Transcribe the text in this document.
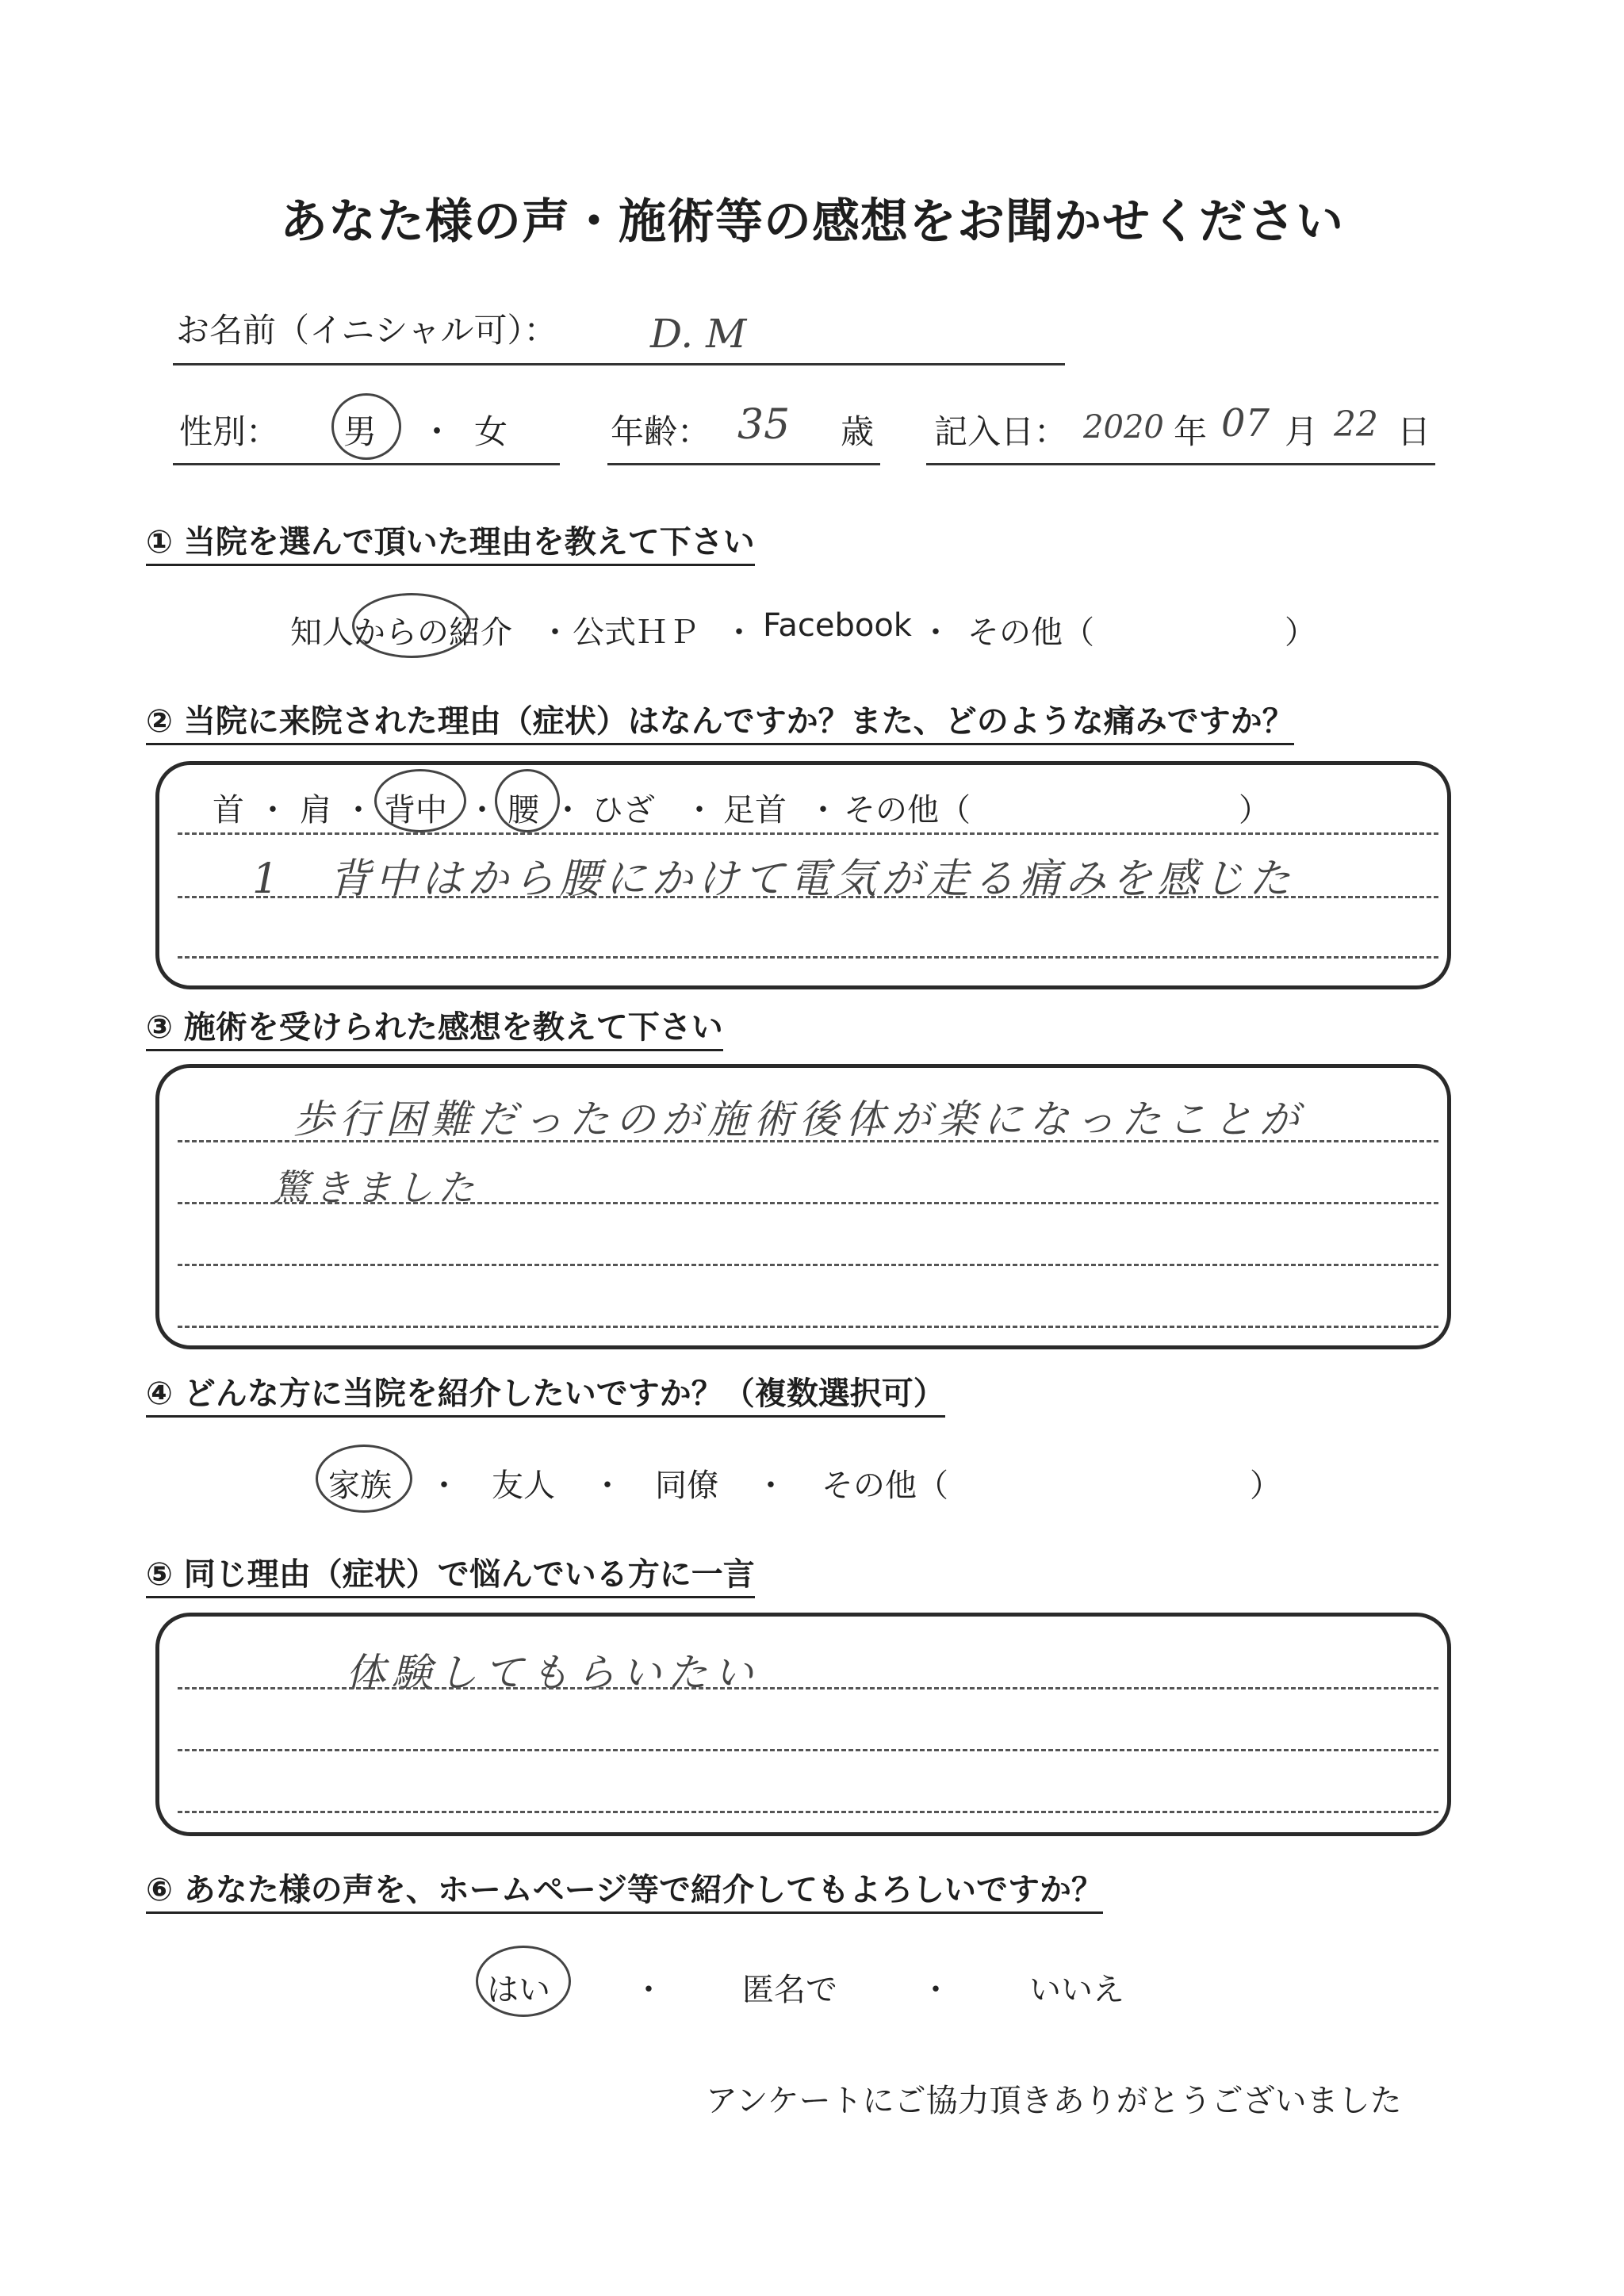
あなた様の声・施術等の感想をお聞かせください
お名前（イニシャル可）： D. M
性別： 男 ・ 女	年齢： 35 歳 記入日： 2020 年 07 月 22 日
① 当院を選んで頂いた理由を教えて下さい
知人からの紹介 ・ 公式ＨＰ ・ Facebook ・ その他（	）
② 当院に来院された理由（症状）はなんですか？また、どのような痛みですか？
首 ・ 肩 ・ 背中 ・ 腰 ・ ひざ ・ 足首 ・ その他（	）
1　背中はから腰にかけて電気が走る痛みを感じた
③ 施術を受けられた感想を教えて下さい
歩行困難だったのが施術後体が楽になったことが
驚きました
④ どんな方に当院を紹介したいですか？（複数選択可）
家族 ・ 友人 ・ 同僚 ・ その他（	）
⑤ 同じ理由（症状）で悩んでいる方に一言
体験してもらいたい
⑥ あなた様の声を、ホームページ等で紹介してもよろしいですか？
はい	・ 匿名で	・ いいえ
アンケートにご協力頂きありがとうございました
